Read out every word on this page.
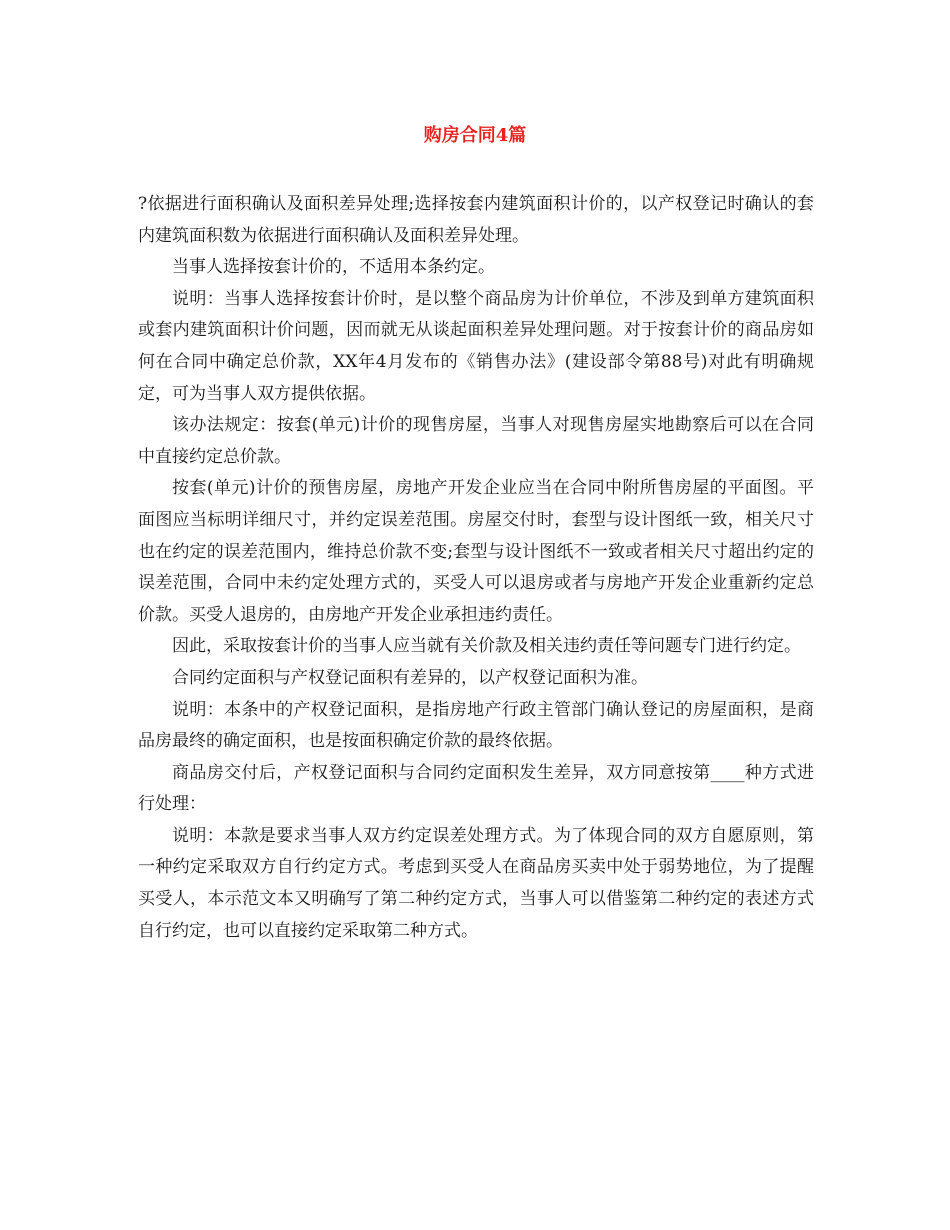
购房合同4篇

?依据进行面积确认及面积差异处理;选择按套内建筑面积计价的，以产权登记时确认的套内建筑面积数为依据进行面积确认及面积差异处理。

当事人选择按套计价的，不适用本条约定。

说明：当事人选择按套计价时，是以整个商品房为计价单位，不涉及到单方建筑面积或套内建筑面积计价问题，因而就无从谈起面积差异处理问题。对于按套计价的商品房如何在合同中确定总价款，XX年4月发布的《销售办法》(建设部令第88号)对此有明确规定，可为当事人双方提供依据。

该办法规定：按套(单元)计价的现售房屋，当事人对现售房屋实地勘察后可以在合同中直接约定总价款。

按套(单元)计价的预售房屋，房地产开发企业应当在合同中附所售房屋的平面图。平面图应当标明详细尺寸，并约定误差范围。房屋交付时，套型与设计图纸一致，相关尺寸也在约定的误差范围内，维持总价款不变;套型与设计图纸不一致或者相关尺寸超出约定的误差范围，合同中未约定处理方式的，买受人可以退房或者与房地产开发企业重新约定总价款。买受人退房的，由房地产开发企业承担违约责任。

因此，采取按套计价的当事人应当就有关价款及相关违约责任等问题专门进行约定。

合同约定面积与产权登记面积有差异的，以产权登记面积为准。

说明：本条中的产权登记面积，是指房地产行政主管部门确认登记的房屋面积，是商品房最终的确定面积，也是按面积确定价款的最终依据。

商品房交付后，产权登记面积与合同约定面积发生差异，双方同意按第____种方式进行处理：

说明：本款是要求当事人双方约定误差处理方式。为了体现合同的双方自愿原则，第一种约定采取双方自行约定方式。考虑到买受人在商品房买卖中处于弱势地位，为了提醒买受人，本示范文本又明确写了第二种约定方式，当事人可以借鉴第二种约定的表述方式自行约定，也可以直接约定采取第二种方式。
